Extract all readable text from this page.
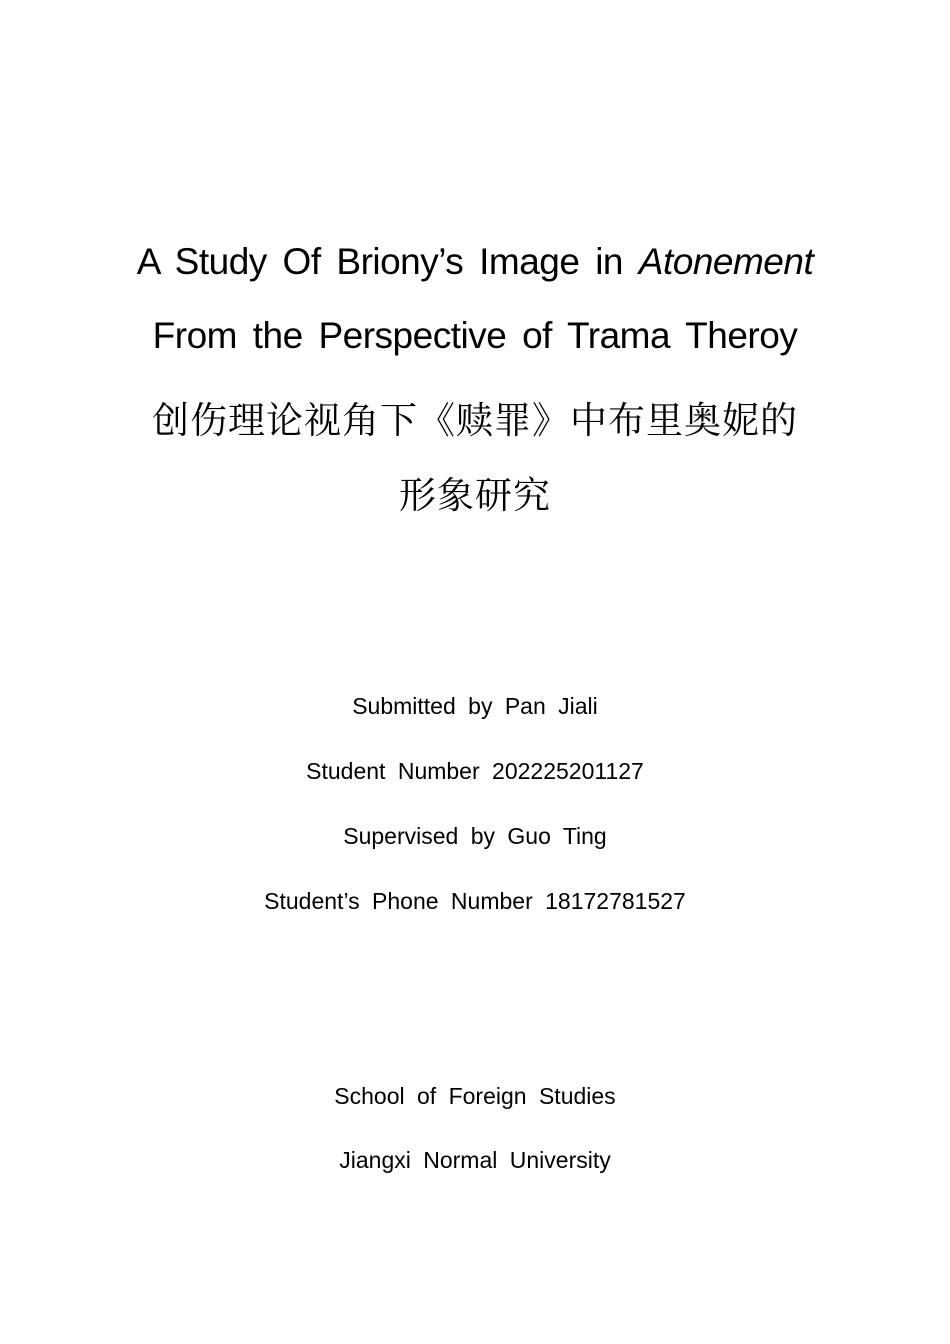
A Study Of Briony’s Image in Atonement
From the Perspective of Trama Theroy
创伤理论视角下《赎罪》中布里奥妮的
形象研究
Submitted by Pan Jiali
Student Number 202225201127
Supervised by Guo Ting
Student’s Phone Number 18172781527
School of Foreign Studies
Jiangxi Normal University
